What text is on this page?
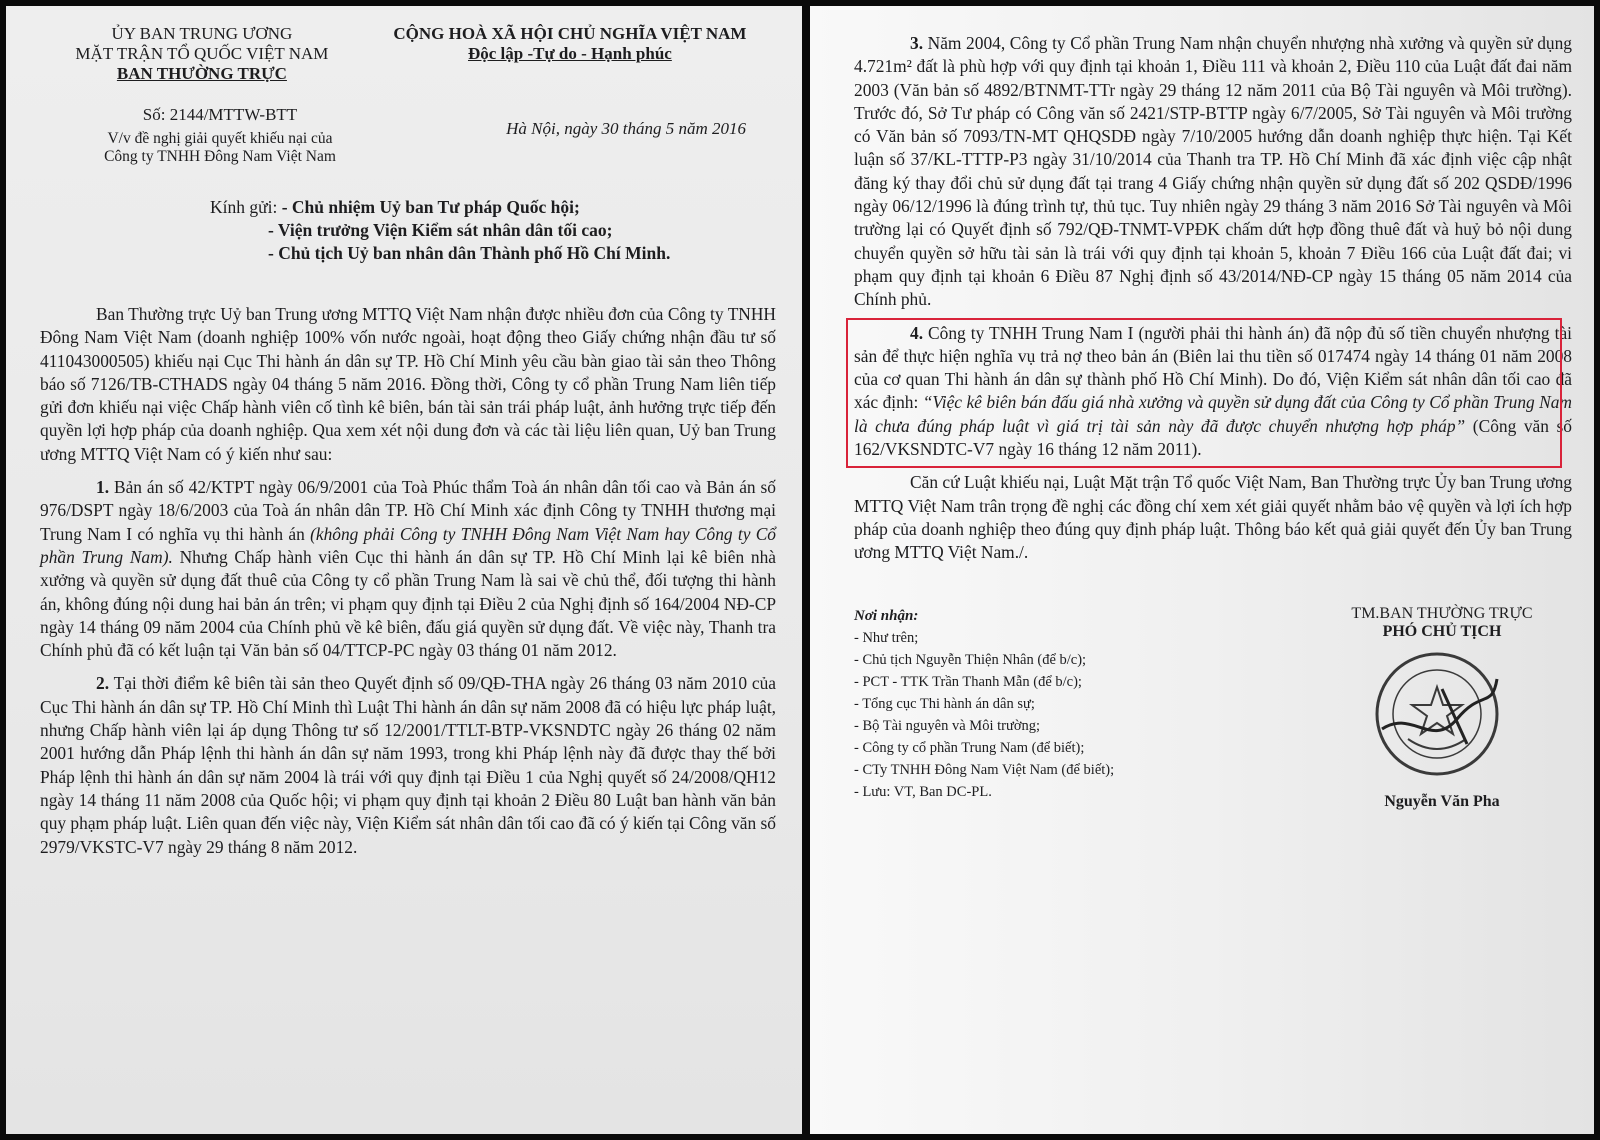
ỦY BAN TRUNG ƯƠNG
MẶT TRẬN TỔ QUỐC VIỆT NAM
BAN THƯỜNG TRỰC
CỘNG HOÀ XÃ HỘI CHỦ NGHĨA VIỆT NAM
Độc lập -Tự do - Hạnh phúc
Số: 2144/MTTW-BTT
V/v đề nghị giải quyết khiếu nại của
Công ty TNHH Đông Nam Việt Nam
Hà Nội, ngày 30 tháng 5 năm 2016
Kính gửi: - Chủ nhiệm Uỷ ban Tư pháp Quốc hội;
- Viện trưởng Viện Kiểm sát nhân dân tối cao;
- Chủ tịch Uỷ ban nhân dân Thành phố Hồ Chí Minh.

Ban Thường trực Uỷ ban Trung ương MTTQ Việt Nam nhận được nhiều đơn của Công ty TNHH Đông Nam Việt Nam (doanh nghiệp 100% vốn nước ngoài, hoạt động theo Giấy chứng nhận đầu tư số 411043000505) khiếu nại Cục Thi hành án dân sự TP. Hồ Chí Minh yêu cầu bàn giao tài sản theo Thông báo số 7126/TB-CTHADS ngày 04 tháng 5 năm 2016. Đồng thời, Công ty cổ phần Trung Nam liên tiếp gửi đơn khiếu nại việc Chấp hành viên cố tình kê biên, bán tài sản trái pháp luật, ảnh hưởng trực tiếp đến quyền lợi hợp pháp của doanh nghiệp. Qua xem xét nội dung đơn và các tài liệu liên quan, Uỷ ban Trung ương MTTQ Việt Nam có ý kiến như sau:

1. Bản án số 42/KTPT ngày 06/9/2001 của Toà Phúc thẩm Toà án nhân dân tối cao và Bản án số 976/DSPT ngày 18/6/2003 của Toà án nhân dân TP. Hồ Chí Minh xác định Công ty TNHH thương mại Trung Nam I có nghĩa vụ thi hành án (không phải Công ty TNHH Đông Nam Việt Nam hay Công ty Cổ phần Trung Nam). Nhưng Chấp hành viên Cục thi hành án dân sự TP. Hồ Chí Minh lại kê biên nhà xưởng và quyền sử dụng đất thuê của Công ty cổ phần Trung Nam là sai về chủ thể, đối tượng thi hành án, không đúng nội dung hai bản án trên; vi phạm quy định tại Điều 2 của Nghị định số 164/2004 NĐ-CP ngày 14 tháng 09 năm 2004 của Chính phủ về kê biên, đấu giá quyền sử dụng đất. Về việc này, Thanh tra Chính phủ đã có kết luận tại Văn bản số 04/TTCP-PC ngày 03 tháng 01 năm 2012.

2. Tại thời điểm kê biên tài sản theo Quyết định số 09/QĐ-THA ngày 26 tháng 03 năm 2010 của Cục Thi hành án dân sự TP. Hồ Chí Minh thì Luật Thi hành án dân sự năm 2008 đã có hiệu lực pháp luật, nhưng Chấp hành viên lại áp dụng Thông tư số 12/2001/TTLT-BTP-VKSNDTC ngày 26 tháng 02 năm 2001 hướng dẫn Pháp lệnh thi hành án dân sự năm 1993, trong khi Pháp lệnh này đã được thay thế bởi Pháp lệnh thi hành án dân sự năm 2004 là trái với quy định tại Điều 1 của Nghị quyết số 24/2008/QH12 ngày 14 tháng 11 năm 2008 của Quốc hội; vi phạm quy định tại khoản 2 Điều 80 Luật ban hành văn bản quy phạm pháp luật. Liên quan đến việc này, Viện Kiểm sát nhân dân tối cao đã có ý kiến tại Công văn số 2979/VKSTC-V7 ngày 29 tháng 8 năm 2012.

3. Năm 2004, Công ty Cổ phần Trung Nam nhận chuyển nhượng nhà xưởng và quyền sử dụng 4.721m² đất là phù hợp với quy định tại khoản 1, Điều 111 và khoản 2, Điều 110 của Luật đất đai năm 2003 (Văn bản số 4892/BTNMT-TTr ngày 29 tháng 12 năm 2011 của Bộ Tài nguyên và Môi trường). Trước đó, Sở Tư pháp có Công văn số 2421/STP-BTTP ngày 6/7/2005, Sở Tài nguyên và Môi trường có Văn bản số 7093/TN-MT QHQSDĐ ngày 7/10/2005 hướng dẫn doanh nghiệp thực hiện. Tại Kết luận số 37/KL-TTTP-P3 ngày 31/10/2014 của Thanh tra TP. Hồ Chí Minh đã xác định việc cập nhật đăng ký thay đổi chủ sử dụng đất tại trang 4 Giấy chứng nhận quyền sử dụng đất số 202 QSDĐ/1996 ngày 06/12/1996 là đúng trình tự, thủ tục. Tuy nhiên ngày 29 tháng 3 năm 2016 Sở Tài nguyên và Môi trường lại có Quyết định số 792/QĐ-TNMT-VPĐK chấm dứt hợp đồng thuê đất và huỷ bỏ nội dung chuyển quyền sở hữu tài sản là trái với quy định tại khoản 5, khoản 7 Điều 166 của Luật đất đai; vi phạm quy định tại khoản 6 Điều 87 Nghị định số 43/2014/NĐ-CP ngày 15 tháng 05 năm 2014 của Chính phủ.

4. Công ty TNHH Trung Nam I (người phải thi hành án) đã nộp đủ số tiền chuyển nhượng tài sản để thực hiện nghĩa vụ trả nợ theo bản án (Biên lai thu tiền số 017474 ngày 14 tháng 01 năm 2008 của cơ quan Thi hành án dân sự thành phố Hồ Chí Minh). Do đó, Viện Kiểm sát nhân dân tối cao đã xác định: “Việc kê biên bán đấu giá nhà xưởng và quyền sử dụng đất của Công ty Cổ phần Trung Nam là chưa đúng pháp luật vì giá trị tài sản này đã được chuyển nhượng hợp pháp” (Công văn số 162/VKSNDTC-V7 ngày 16 tháng 12 năm 2011).

Căn cứ Luật khiếu nại, Luật Mặt trận Tổ quốc Việt Nam, Ban Thường trực Ủy ban Trung ương MTTQ Việt Nam trân trọng đề nghị các đồng chí xem xét giải quyết nhằm bảo vệ quyền và lợi ích hợp pháp của doanh nghiệp theo đúng quy định pháp luật. Thông báo kết quả giải quyết đến Ủy ban Trung ương MTTQ Việt Nam./.

Nơi nhận:
- Như trên;
- Chủ tịch Nguyễn Thiện Nhân (để b/c);
- PCT - TTK Trần Thanh Mẫn (để b/c);
- Tổng cục Thi hành án dân sự;
- Bộ Tài nguyên và Môi trường;
- Công ty cổ phần Trung Nam (để biết);
- CTy TNHH Đông Nam Việt Nam (để biết);
- Lưu: VT, Ban DC-PL.
TM.BAN THƯỜNG TRỰC
PHÓ CHỦ TỊCH
Nguyễn Văn Pha
